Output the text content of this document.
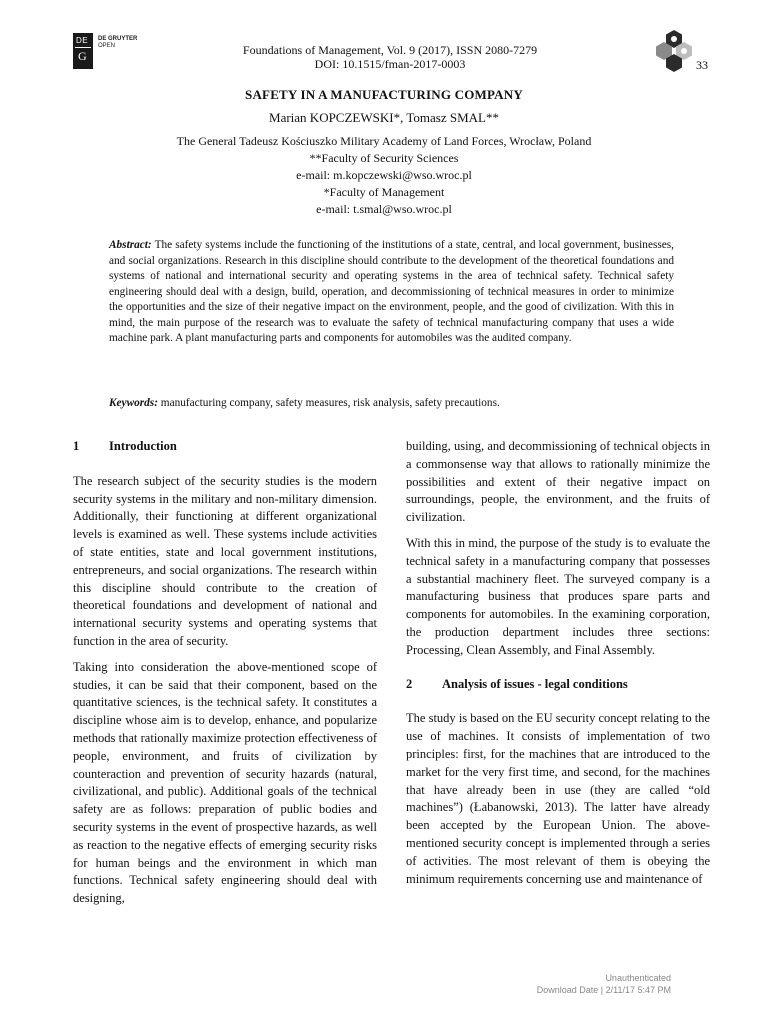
DE
G
DE GRUYTER
OPEN	Foundations of Management, Vol. 9 (2017), ISSN 2080-7279
DOI: 10.1515/fman-2017-0003	33
SAFETY IN A MANUFACTURING COMPANY
Marian KOPCZEWSKI*, Tomasz SMAL**
The General Tadeusz Kościuszko Military Academy of Land Forces, Wrocław, Poland
**Faculty of Security Sciences
e-mail: m.kopczewski@wso.wroc.pl
*Faculty of Management
e-mail: t.smal@wso.wroc.pl
Abstract: The safety systems include the functioning of the institutions of a state, central, and local government, businesses, and social organizations. Research in this discipline should contribute to the development of the theoretical foundations and systems of national and international security and operating systems in the area of technical safety. Technical safety engineering should deal with a design, build, operation, and decommissioning of technical measures in order to minimize the opportunities and the size of their negative impact on the environment, people, and the good of civilization. With this in mind, the main purpose of the research was to evaluate the safety of technical manufacturing company that uses a wide machine park. A plant manufacturing parts and components for automobiles was the audited company.
Keywords: manufacturing company, safety measures, risk analysis, safety precautions.
1	Introduction

The research subject of the security studies is the modern security systems in the military and non-military dimension. Additionally, their functioning at different organizational levels is examined as well. These systems include activities of state entities, state and local government institutions, entrepreneurs, and social organizations. The research within this discipline should contribute to the creation of theoretical foundations and development of national and international security systems and operating systems that function in the area of security.

Taking into consideration the above-mentioned scope of studies, it can be said that their component, based on the quantitative sciences, is the technical safety. It constitutes a discipline whose aim is to develop, enhance, and popularize methods that rationally maximize protection effectiveness of people, environment, and fruits of civilization by counteraction and prevention of security hazards (natural, civilizational, and public). Additional goals of the technical safety are as follows: preparation of public bodies and security systems in the event of prospective hazards, as well as reaction to the negative effects of emerging security risks for human beings and the environment in which man functions. Technical safety engineering should deal with designing,

building, using, and decommissioning of technical objects in a commonsense way that allows to rationally minimize the possibilities and extent of their negative impact on surroundings, people, the environment, and the fruits of civilization.

With this in mind, the purpose of the study is to evaluate the technical safety in a manufacturing company that possesses a substantial machinery fleet. The surveyed company is a manufacturing business that produces spare parts and components for automobiles. In the examining corporation, the production department includes three sections: Processing, Clean Assembly, and Final Assembly.

2	Analysis of issues - legal conditions

The study is based on the EU security concept relating to the use of machines. It consists of implementation of two principles: first, for the machines that are introduced to the market for the very first time, and second, for the machines that have already been in use (they are called “old machines”) (Łabanowski, 2013). The latter have already been accepted by the European Union. The above-mentioned security concept is implemented through a series of activities. The most relevant of them is obeying the minimum requirements concerning use and maintenance of

Unauthenticated
Download Date | 2/11/17 5:47 PM
